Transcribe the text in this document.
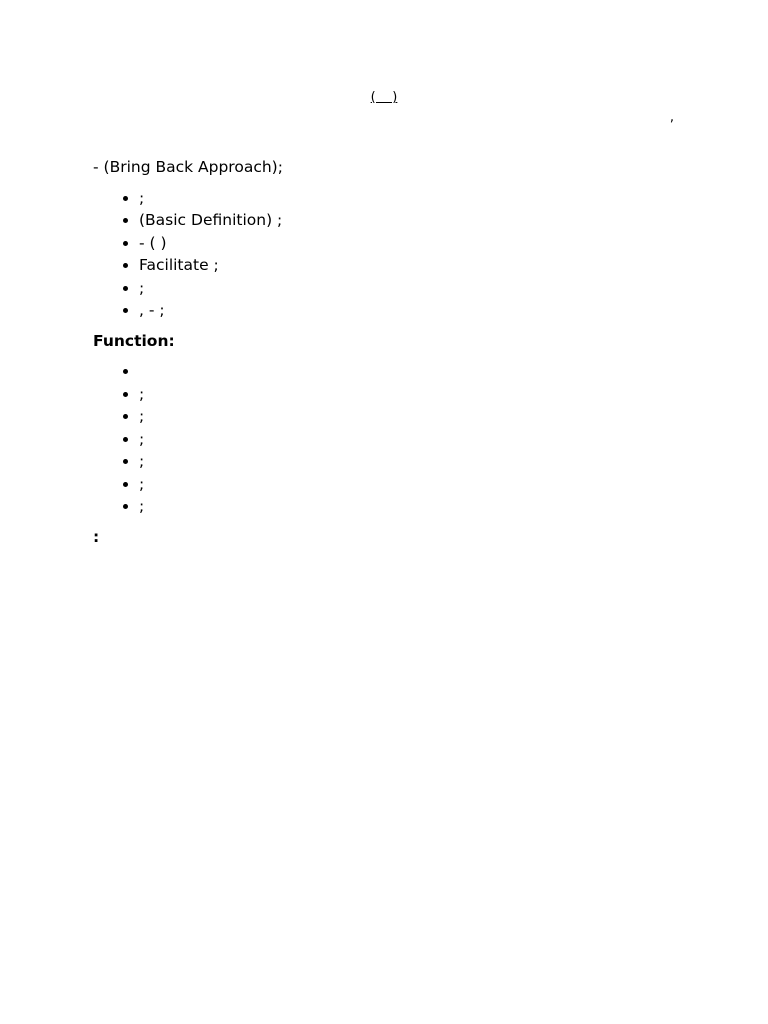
(    )
,

- (Bring Back Approach);

• ;
• (Basic Definition) ;
• - ( )
• Facilitate ;
• ;
• , - ;

Function:

•
• ;
• ;
• ;
• ;
• ;
• ;

:
